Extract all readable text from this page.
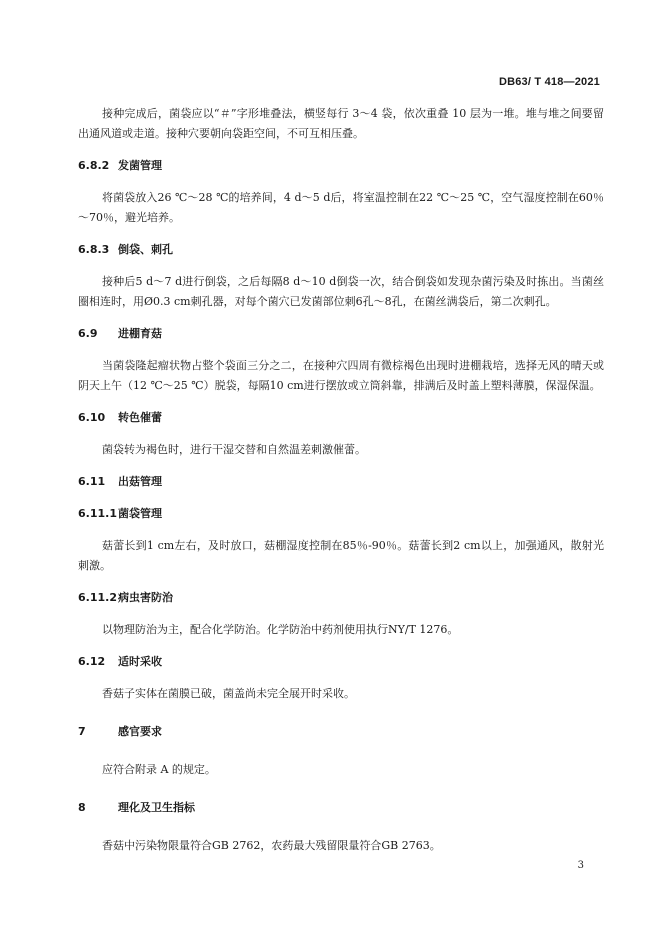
DB63/ T 418—2021

接种完成后，菌袋应以“＃”字形堆叠法，横竖每行 3～4 袋，依次重叠 10 层为一堆。堆与堆之间要留出通风道或走道。接种穴要朝向袋距空间，不可互相压叠。

6.8.2 发菌管理

将菌袋放入26 ℃～28 ℃的培养间，4 d～5 d后，将室温控制在22 ℃～25 ℃，空气湿度控制在60％～70％，避光培养。

6.8.3 倒袋、刺孔

接种后5 d～7 d进行倒袋，之后每隔8 d～10 d倒袋一次，结合倒袋如发现杂菌污染及时拣出。当菌丝圈相连时，用Ø0.3 cm刺孔器，对每个菌穴已发菌部位刺6孔～8孔，在菌丝满袋后，第二次刺孔。

6.9 进棚育菇

当菌袋隆起瘤状物占整个袋面三分之二，在接种穴四周有微棕褐色出现时进棚栽培，选择无风的晴天或阴天上午（12 ℃～25 ℃）脱袋，每隔10 cm进行摆放或立筒斜靠，排满后及时盖上塑料薄膜，保湿保温。

6.10 转色催蕾

菌袋转为褐色时，进行干湿交替和自然温差刺激催蕾。

6.11 出菇管理

6.11.1菌袋管理

菇蕾长到1 cm左右，及时放口，菇棚湿度控制在85％-90％。菇蕾长到2 cm以上，加强通风，散射光刺激。

6.11.2病虫害防治

以物理防治为主，配合化学防治。化学防治中药剂使用执行NY/T 1276。

6.12 适时采收

香菇子实体在菌膜已破，菌盖尚未完全展开时采收。

7	感官要求

应符合附录 A 的规定。

8	理化及卫生指标

香菇中污染物限量符合GB 2762，农药最大残留限量符合GB 2763。

3
